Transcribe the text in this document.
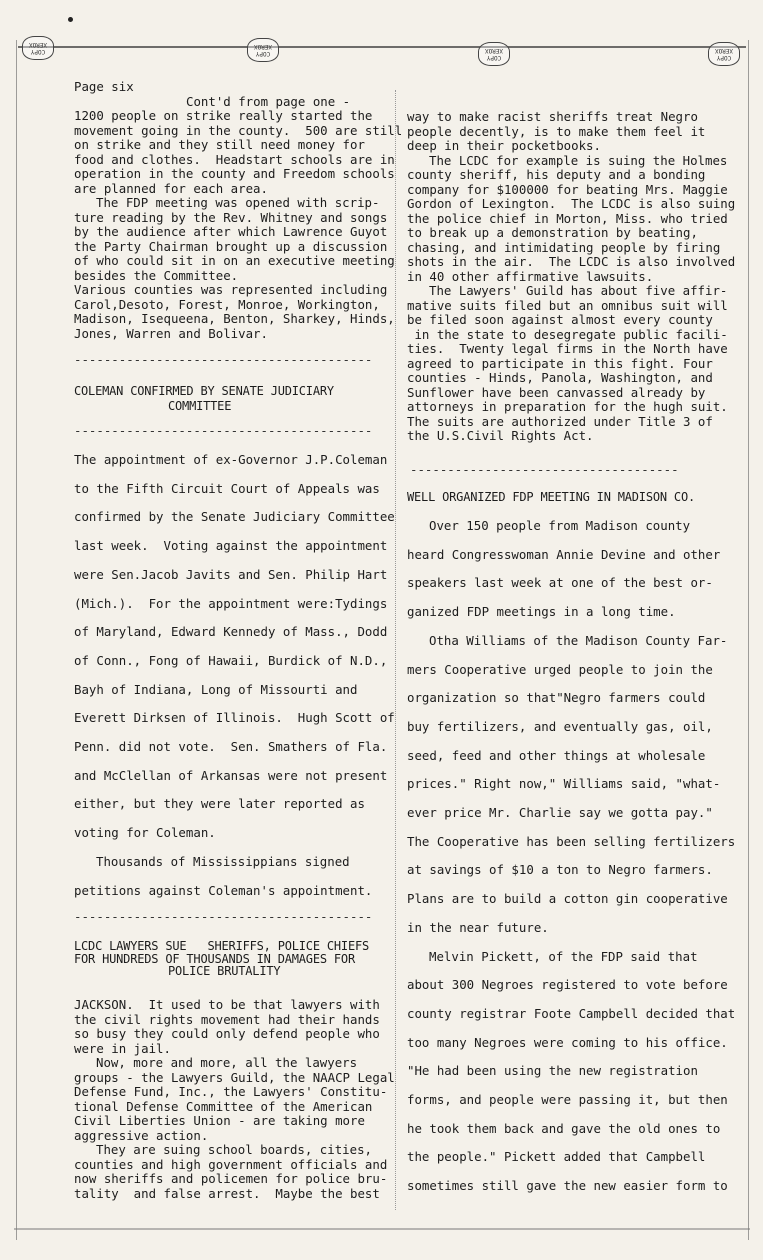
COPY XEROX
COPY XEROX
COPY XEROX
COPY XEROX

Page six

Cont'd from page one -

1200 people on strike really started the

movement going in the county.  500 are still

on strike and they still need money for

food and clothes.  Headstart schools are in

operation in the county and Freedom schools

are planned for each area.

The FDP meeting was opened with scrip-

ture reading by the Rev. Whitney and songs

by the audience after which Lawrence Guyot

the Party Chairman brought up a discussion

of who could sit in on an executive meeting

besides the Committee.

Various counties was represented including

Carol,Desoto, Forest, Monroe, Workington,

Madison, Isequeena, Benton, Sharkey, Hinds,

Jones, Warren and Bolivar.

----------------------------------------

COLEMAN CONFIRMED BY SENATE JUDICIARY

COMMITTEE

----------------------------------------

The appointment of ex-Governor J.P.Coleman

to the Fifth Circuit Court of Appeals was

confirmed by the Senate Judiciary Committee

last week.  Voting against the appointment

were Sen.Jacob Javits and Sen. Philip Hart

(Mich.).  For the appointment were:Tydings

of Maryland, Edward Kennedy of Mass., Dodd

of Conn., Fong of Hawaii, Burdick of N.D.,

Bayh of Indiana, Long of Missourti and

Everett Dirksen of Illinois.  Hugh Scott of

Penn. did not vote.  Sen. Smathers of Fla.

and McClellan of Arkansas were not present

either, but they were later reported as

voting for Coleman.

Thousands of Mississippians signed

petitions against Coleman's appointment.

----------------------------------------

LCDC LAWYERS SUE   SHERIFFS, POLICE CHIEFS

FOR HUNDREDS OF THOUSANDS IN DAMAGES FOR

POLICE BRUTALITY

JACKSON.  It used to be that lawyers with

the civil rights movement had their hands

so busy they could only defend people who

were in jail.

Now, more and more, all the lawyers

groups - the Lawyers Guild, the NAACP Legal

Defense Fund, Inc., the Lawyers' Constitu-

tional Defense Committee of the American

Civil Liberties Union - are taking more

aggressive action.

They are suing school boards, cities,

counties and high government officials and

now sheriffs and policemen for police bru-

tality  and false arrest.  Maybe the best

way to make racist sheriffs treat Negro

people decently, is to make them feel it

deep in their pocketbooks.

The LCDC for example is suing the Holmes

county sheriff, his deputy and a bonding

company for $100000 for beating Mrs. Maggie

Gordon of Lexington.  The LCDC is also suing

the police chief in Morton, Miss. who tried

to break up a demonstration by beating,

chasing, and intimidating people by firing

shots in the air.  The LCDC is also involved

in 40 other affirmative lawsuits.

The Lawyers' Guild has about five affir-

mative suits filed but an omnibus suit will

be filed soon against almost every county

in the state to desegregate public facili-

ties.  Twenty legal firms in the North have

agreed to participate in this fight. Four

counties - Hinds, Panola, Washington, and

Sunflower have been canvassed already by

attorneys in preparation for the hugh suit.

The suits are authorized under Title 3 of

the U.S.Civil Rights Act.

------------------------------------

WELL ORGANIZED FDP MEETING IN MADISON CO.

Over 150 people from Madison county

heard Congresswoman Annie Devine and other

speakers last week at one of the best or-

ganized FDP meetings in a long time.

Otha Williams of the Madison County Far-

mers Cooperative urged people to join the

organization so that"Negro farmers could

buy fertilizers, and eventually gas, oil,

seed, feed and other things at wholesale

prices." Right now," Williams said, "what-

ever price Mr. Charlie say we gotta pay."

The Cooperative has been selling fertilizers

at savings of $10 a ton to Negro farmers.

Plans are to build a cotton gin cooperative

in the near future.

Melvin Pickett, of the FDP said that

about 300 Negroes registered to vote before

county registrar Foote Campbell decided that

too many Negroes were coming to his office.

"He had been using the new registration

forms, and people were passing it, but then

he took them back and gave the old ones to

the people." Pickett added that Campbell

sometimes still gave the new easier form to
